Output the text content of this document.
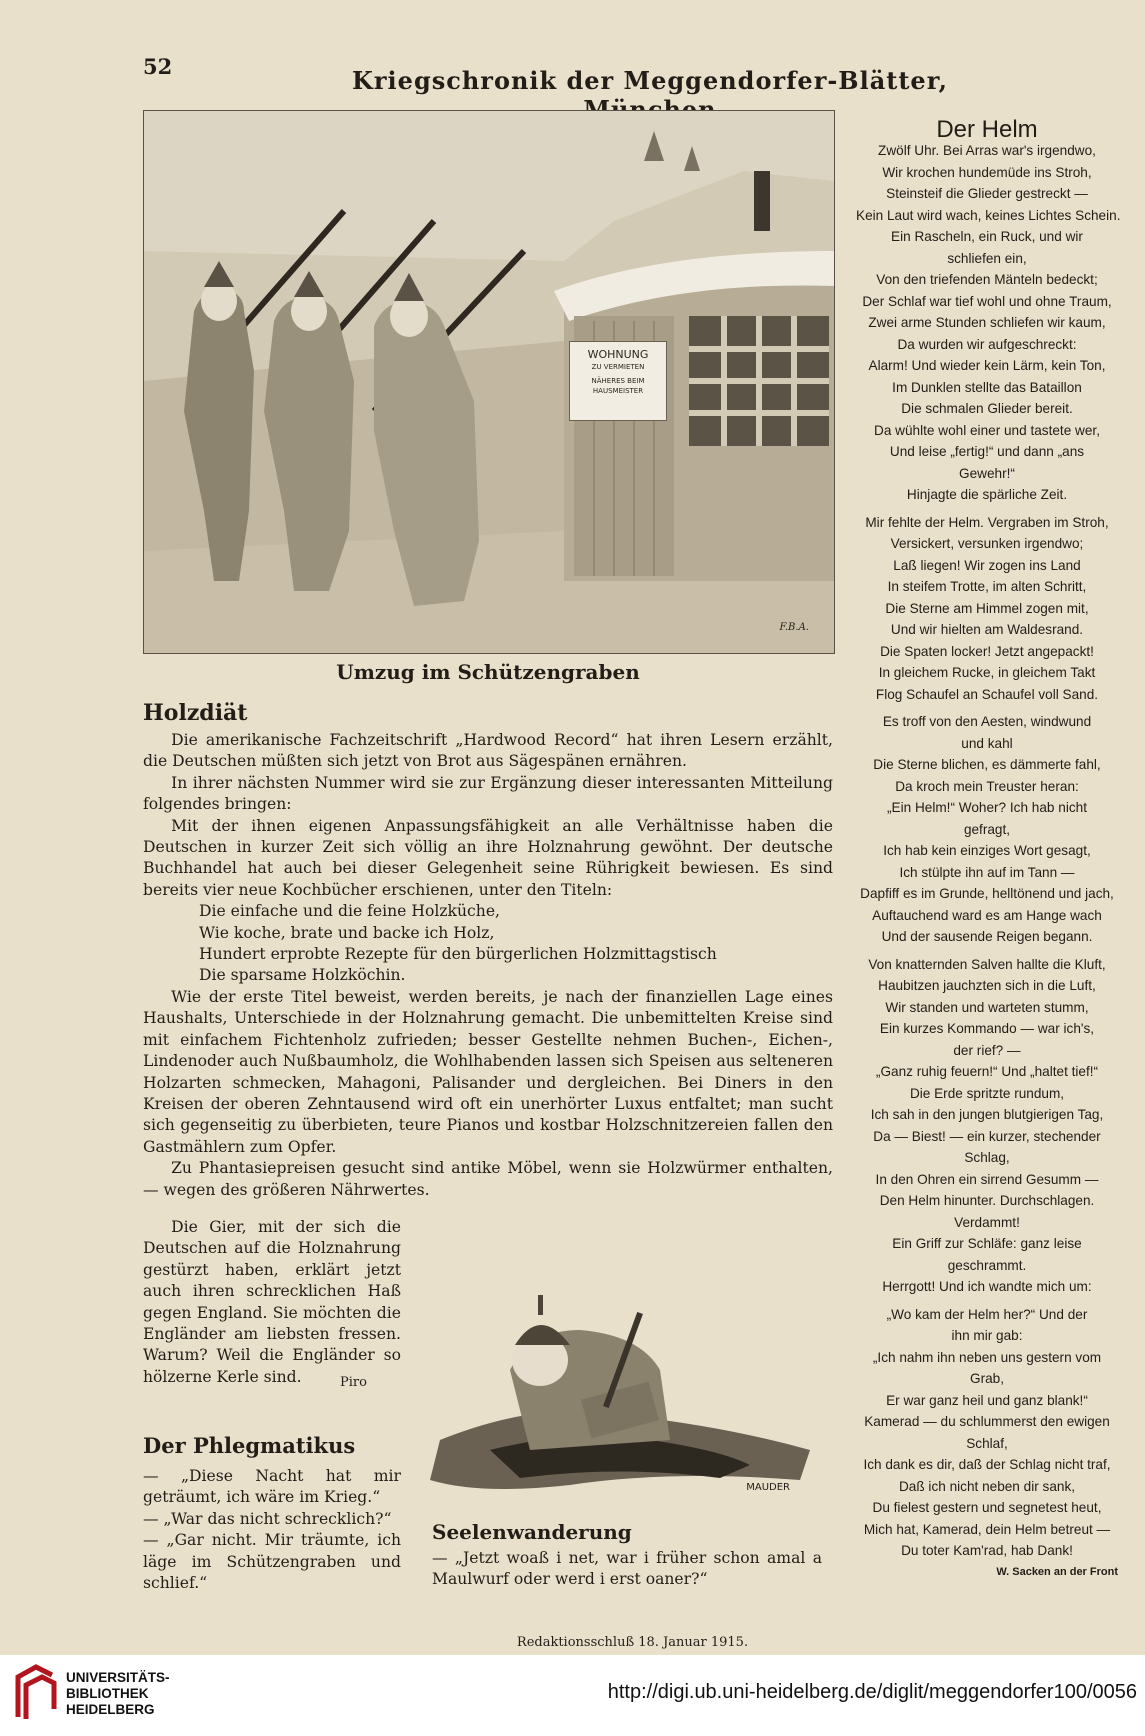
52	Kriegschronik der Meggendorfer-Blätter,
WOHNUNG
ZU VERMIETEN
NÄHERES BEIM
HAUSMEISTER
F.B.A.
Umzug im Schützengraben
Holzdiät

Die amerikanische Fachzeitschrift „Hardwood Record“ hat ihren Lesern erzählt, die Deutschen müßten sich jetzt von Brot aus Sägespänen ernähren.

In ihrer nächsten Nummer wird sie zur Ergänzung dieser interessanten Mitteilung folgendes bringen:

Mit der ihnen eigenen Anpassungsfähigkeit an alle Verhältnisse haben die Deutschen in kurzer Zeit sich völlig an ihre Holznahrung gewöhnt. Der deutsche Buchhandel hat auch bei dieser Gelegenheit seine Rührigkeit bewiesen. Es sind bereits vier neue Kochbücher erschienen, unter den Titeln:

Die einfache und die feine Holzküche,

Wie koche, brate und backe ich Holz,

Hundert erprobte Rezepte für den bürgerlichen Holzmittagstisch

Die sparsame Holzköchin.

Wie der erste Titel beweist, werden bereits, je nach der finanziellen Lage eines Haushalts, Unterschiede in der Holznahrung gemacht. Die unbemittelten Kreise sind mit einfachem Fichtenholz zufrieden; besser Gestellte nehmen Buchen-, Eichen-, Lindenoder auch Nußbaumholz, die Wohlhabenden lassen sich Speisen aus selteneren Holzarten schmecken, Mahagoni, Palisander und dergleichen. Bei Diners in den Kreisen der oberen Zehntausend wird oft ein unerhörter Luxus entfaltet; man sucht sich gegenseitig zu überbieten, teure Pianos und kostbar Holzschnitzereien fallen den Gastmählern zum Opfer.

Zu Phantasiepreisen gesucht sind antike Möbel, wenn sie Holzwürmer enthalten, — wegen des größeren Nährwertes.

Die Gier, mit der sich die Deutschen auf die Holznahrung gestürzt haben, erklärt jetzt auch ihren schrecklichen Haß gegen England. Sie möchten die Engländer am liebsten fressen. Warum? Weil die Engländer so hölzerne Kerle sind.	Piro
Der Phlegmatikus

— „Diese Nacht hat mir geträumt, ich wäre im Krieg.“

— „War das nicht schrecklich?“

— „Gar nicht. Mir träumte, ich läge im Schützengraben und schlief.“

MAUDER
Seelenwanderung

— „Jetzt woaß i net, war i früher schon amal a Maulwurf oder werd i erst oaner?“

Redaktionsschluß 18. Januar 1915.
Der Helm
Zwölf Uhr. Bei Arras war's irgendwo,
Wir krochen hundemüde ins Stroh,
Steinsteif die Glieder gestreckt —
Kein Laut wird wach, keines Lichtes Schein.
Ein Rascheln, ein Ruck, und wir
schliefen ein,
Von den triefenden Mänteln bedeckt;
Der Schlaf war tief wohl und ohne Traum,
Zwei arme Stunden schliefen wir kaum,
Da wurden wir aufgeschreckt:
Alarm! Und wieder kein Lärm, kein Ton,
Im Dunklen stellte das Bataillon
Die schmalen Glieder bereit.
Da wühlte wohl einer und tastete wer,
Und leise „fertig!“ und dann „ans
Gewehr!“
Hinjagte die spärliche Zeit.
Mir fehlte der Helm. Vergraben im Stroh,
Versickert, versunken irgendwo;
Laß liegen! Wir zogen ins Land
In steifem Trotte, im alten Schritt,
Die Sterne am Himmel zogen mit,
Und wir hielten am Waldesrand.
Die Spaten locker! Jetzt angepackt!
In gleichem Rucke, in gleichem Takt
Flog Schaufel an Schaufel voll Sand.
Es troff von den Aesten, windwund
und kahl
Die Sterne blichen, es dämmerte fahl,
Da kroch mein Treuster heran:
„Ein Helm!“ Woher? Ich hab nicht
gefragt,
Ich hab kein einziges Wort gesagt,
Ich stülpte ihn auf im Tann —
Dapfiff es im Grunde, helltönend und jach,
Auftauchend ward es am Hange wach
Und der sausende Reigen begann.
Von knatternden Salven hallte die Kluft,
Haubitzen jauchzten sich in die Luft,
Wir standen und warteten stumm,
Ein kurzes Kommando — war ich's,
der rief? —
„Ganz ruhig feuern!“ Und „haltet tief!“
Die Erde spritzte rundum,
Ich sah in den jungen blutgierigen Tag,
Da — Biest! — ein kurzer, stechender
Schlag,
In den Ohren ein sirrend Gesumm —
Den Helm hinunter. Durchschlagen.
Verdammt!
Ein Griff zur Schläfe: ganz leise
geschrammt.
Herrgott! Und ich wandte mich um:
„Wo kam der Helm her?“ Und der
ihn mir gab:
„Ich nahm ihn neben uns gestern vom
Grab,
Er war ganz heil und ganz blank!“
Kamerad — du schlummerst den ewigen
Schlaf,
Ich dank es dir, daß der Schlag nicht traf,
Daß ich nicht neben dir sank,
Du fielest gestern und segnetest heut,
Mich hat, Kamerad, dein Helm betreut —
Du toter Kam'rad, hab Dank!
W. Sacken an der Front
UNIVERSITÄTS-
BIBLIOTHEK
HEIDELBERG
http://digi.ub.uni-heidelberg.de/diglit/meggendorfer100/0056
